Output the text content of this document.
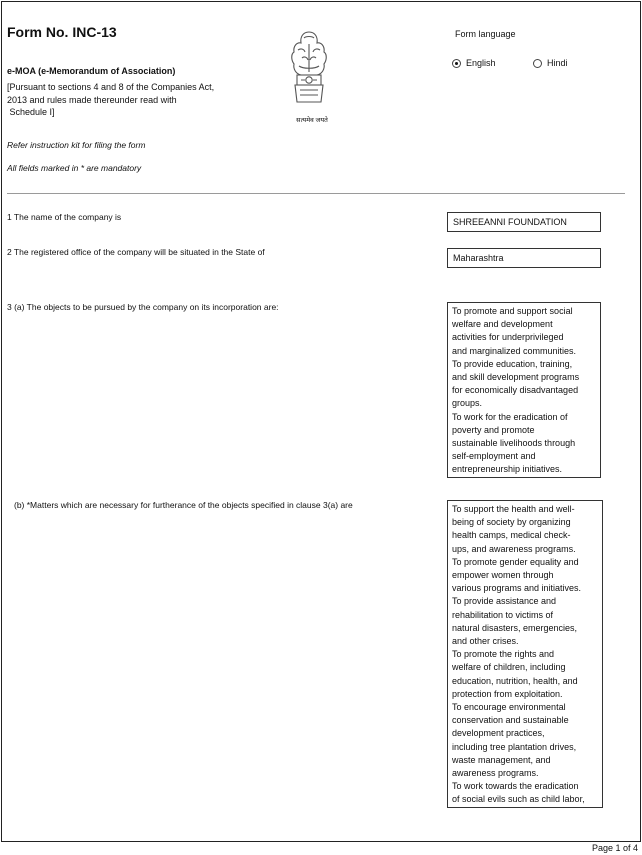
Form No. INC-13
e-MOA (e-Memorandum of Association)
[Pursuant to sections 4 and 8 of the Companies Act,
2013 and rules made thereunder read with
Schedule I]
सत्यमेव जयते
Form language
English	Hindi
Refer instruction kit for filing the form
All fields marked in * are mandatory
1 The name of the company is	SHREEANNI FOUNDATION
2 The registered office of the company will be situated in the State of
Maharashtra
3 (a) The objects to be pursued by the company on its incorporation are:	To promote and support social
welfare and development
activities for underprivileged
and marginalized communities.
To provide education, training,
and skill development programs
for economically disadvantaged
groups.
To work for the eradication of
poverty and promote
sustainable livelihoods through
self-employment and
entrepreneurship initiatives.
(b) *Matters which are necessary for furtherance of the objects specified in clause 3(a) are	To support the health and well-
being of society by organizing
health camps, medical check-
ups, and awareness programs.
To promote gender equality and
empower women through
various programs and initiatives.
To provide assistance and
rehabilitation to victims of
natural disasters, emergencies,
and other crises.
To promote the rights and
welfare of children, including
education, nutrition, health, and
protection from exploitation.
To encourage environmental
conservation and sustainable
development practices,
including tree plantation drives,
waste management, and
awareness programs.
To work towards the eradication
of social evils such as child labor,
Page 1 of 4
